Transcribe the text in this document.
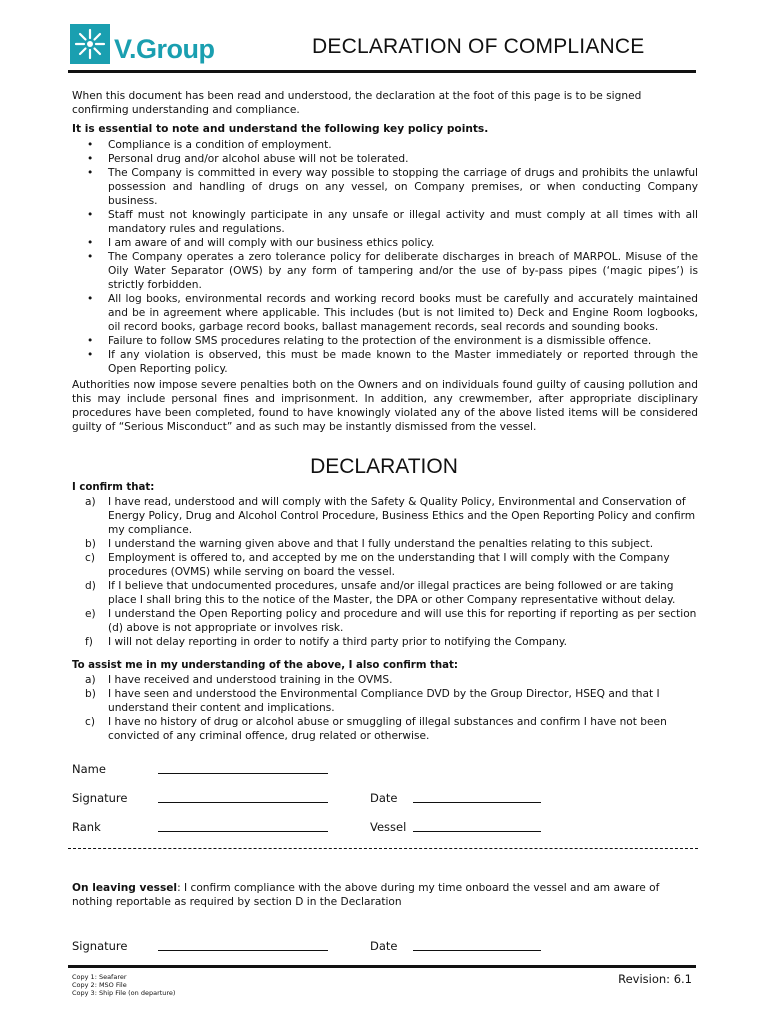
V.Group	DECLARATION OF COMPLIANCE
When this document has been read and understood, the declaration at the foot of this page is to be signed confirming understanding and compliance.
It is essential to note and understand the following key policy points.
• Compliance is a condition of employment.
• Personal drug and/or alcohol abuse will not be tolerated.
• The Company is committed in every way possible to stopping the carriage of drugs and prohibits the unlawful possession and handling of drugs on any vessel, on Company premises, or when conducting Company business.
• Staff must not knowingly participate in any unsafe or illegal activity and must comply at all times with all mandatory rules and regulations.
• I am aware of and will comply with our business ethics policy.
• The Company operates a zero tolerance policy for deliberate discharges in breach of MARPOL. Misuse of the Oily Water Separator (OWS) by any form of tampering and/or the use of by-pass pipes (‘magic pipes’) is strictly forbidden.
• All log books, environmental records and working record books must be carefully and accurately maintained and be in agreement where applicable. This includes (but is not limited to) Deck and Engine Room logbooks, oil record books, garbage record books, ballast management records, seal records and sounding books.
• Failure to follow SMS procedures relating to the protection of the environment is a dismissible offence.
• If any violation is observed, this must be made known to the Master immediately or reported through the Open Reporting policy.
Authorities now impose severe penalties both on the Owners and on individuals found guilty of causing pollution and this may include personal fines and imprisonment. In addition, any crewmember, after appropriate disciplinary procedures have been completed, found to have knowingly violated any of the above listed items will be considered guilty of “Serious Misconduct” and as such may be instantly dismissed from the vessel.
DECLARATION
I confirm that:
a) I have read, understood and will comply with the Safety & Quality Policy, Environmental and Conservation of Energy Policy, Drug and Alcohol Control Procedure, Business Ethics and the Open Reporting Policy and confirm my compliance.
b) I understand the warning given above and that I fully understand the penalties relating to this subject.
c) Employment is offered to, and accepted by me on the understanding that I will comply with the Company procedures (OVMS) while serving on board the vessel.
d) If I believe that undocumented procedures, unsafe and/or illegal practices are being followed or are taking place I shall bring this to the notice of the Master, the DPA or other Company representative without delay.
e) I understand the Open Reporting policy and procedure and will use this for reporting if reporting as per section (d) above is not appropriate or involves risk.
f) I will not delay reporting in order to notify a third party prior to notifying the Company.
To assist me in my understanding of the above, I also confirm that:
a) I have received and understood training in the OVMS.
b) I have seen and understood the Environmental Compliance DVD by the Group Director, HSEQ and that I understand their content and implications.
c) I have no history of drug or alcohol abuse or smuggling of illegal substances and confirm I have not been convicted of any criminal offence, drug related or otherwise.
Name
Signature	Date
Rank	Vessel
On leaving vessel: I confirm compliance with the above during my time onboard the vessel and am aware of nothing reportable as required by section D in the Declaration
Signature	Date
Copy 1: Seafarer
Copy 2: MSO File
Copy 3: Ship File (on departure)
Revision: 6.1
